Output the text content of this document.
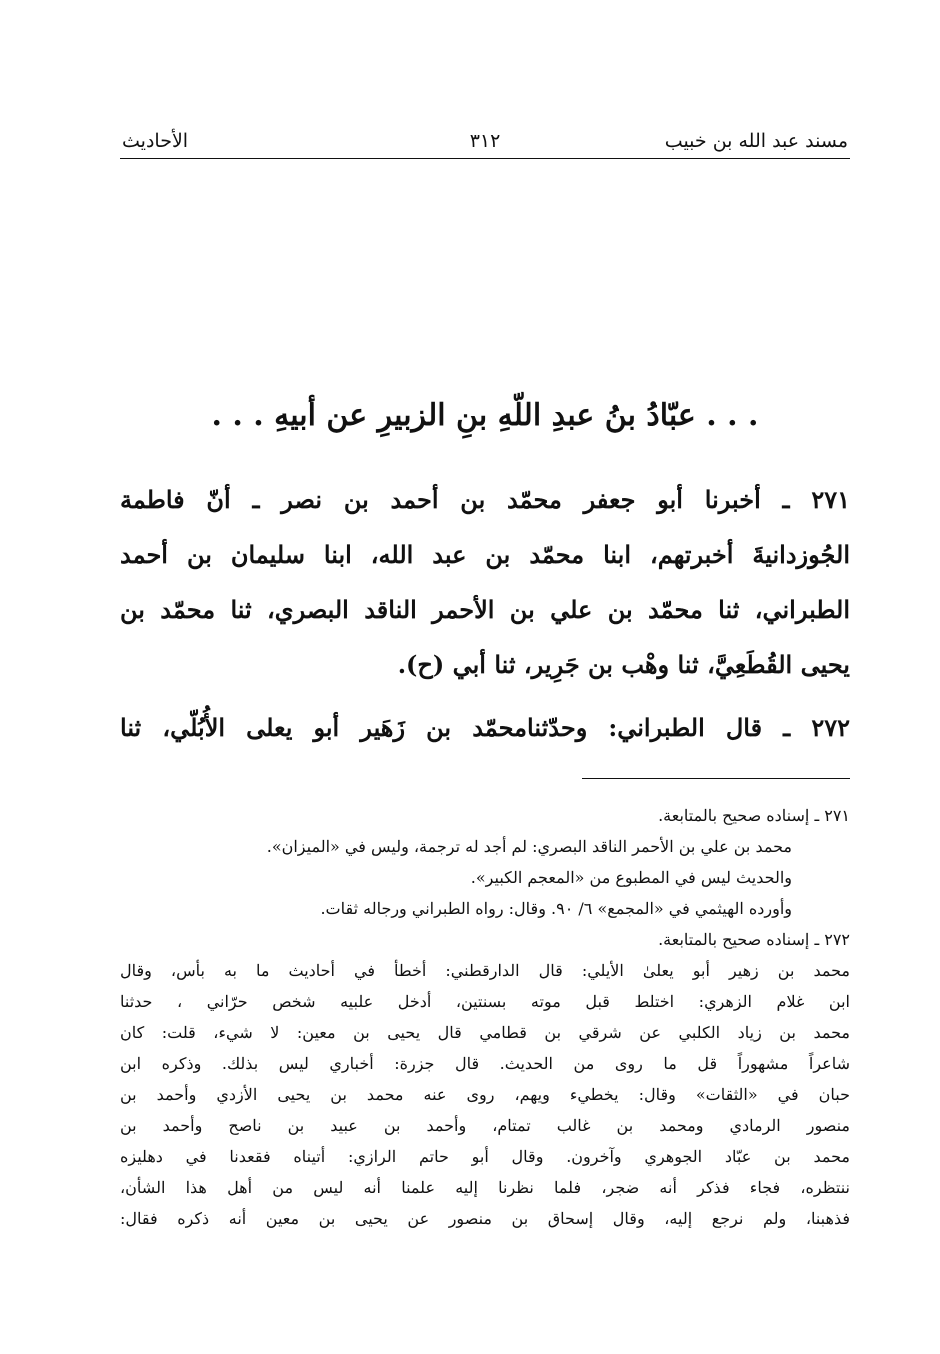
مسند عبد الله بن خبيب
٣١٢
الأحاديث
. . . عبّادُ بنُ عبدِ اللّهِ بنِ الزبيرِ عن أبيهِ . . .
٢٧١ ـ أخبرنا أبو جعفر محمّد بن أحمد بن نصر ـ أنّ فاطمة
الجُوزدانيةَ أخبرتهم، ابنا محمّد بن عبد الله، ابنا سليمان بن أحمد
الطبراني، ثنا محمّد بن علي بن الأحمر الناقد البصري، ثنا محمّد بن
يحيى القُطَعِيَّ، ثنا وهْب بن جَرِير، ثنا أبي (ح).
٢٧٢ ـ قال الطبراني: وحدّثنامحمّد بن زَهَير أبو يعلى الأُبُلّي، ثنا
٢٧١ ـ إسناده صحيح بالمتابعة.
محمد بن علي بن الأحمر الناقد البصري: لم أجد له ترجمة، وليس في «الميزان».
والحديث ليس في المطبوع من «المعجم الكبير».
وأورده الهيثمي في «المجمع» ٦/ ٩٠. وقال: رواه الطبراني ورجاله ثقات.
٢٧٢ ـ إسناده صحيح بالمتابعة.
محمد بن زهير أبو يعلىٰ الأيلي: قال الدارقطني: أخطأ في أحاديث ما به بأس، وقال
ابن غلام الزهري: اختلط قبل موته بسنتين، أدخل علبيه شخص حرّاني ، حدثنا
محمد بن زياد الكلبي عن شرقي بن قطامي قال يحيى بن معين: لا شيء، قلت: كان
شاعراً مشهوراً قل ما روى من الحديث. قال جزرة: أخباري ليس بذلك. وذكره ابن
حبان في «الثقات» وقال: يخطيء ويهم، روى عنه محمد بن يحيى الأزدي وأحمد بن
منصور الرمادي ومحمد بن غالب تمتام، وأحمد بن عبيد بن ناصح وأحمد بن
محمد بن عبّاد الجوهري وآخرون. وقال أبو حاتم الرازي: أتيناه فقعدنا في دهليزه
ننتظره، فجاء فذكر أنه ضجر، فلما نظرنا إليه علمنا أنه ليس من أهل هذا الشأن،
فذهبنا، ولم نرجع إليه، وقال إسحاق بن منصور عن يحيى بن معين أنه ذكره فقال:
